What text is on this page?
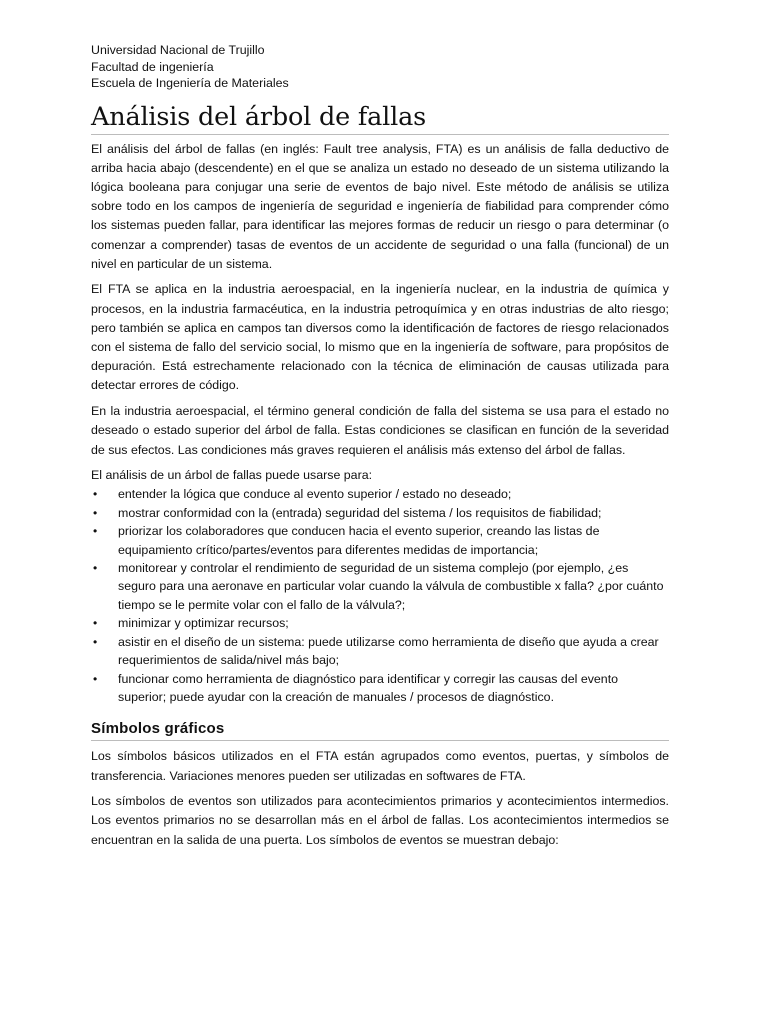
Universidad Nacional de Trujillo

Facultad de ingeniería

Escuela de Ingeniería de Materiales

Análisis del árbol de fallas

El análisis del árbol de fallas (en inglés: Fault tree analysis, FTA) es un análisis de falla deductivo de arriba hacia abajo (descendente) en el que se analiza un estado no deseado de un sistema utilizando la lógica booleana para conjugar una serie de eventos de bajo nivel. Este método de análisis se utiliza sobre todo en los campos de ingeniería de seguridad e ingeniería de fiabilidad para comprender cómo los sistemas pueden fallar, para identificar las mejores formas de reducir un riesgo o para determinar (o comenzar a comprender) tasas de eventos de un accidente de seguridad o una falla (funcional) de un nivel en particular de un sistema.

El FTA se aplica en la industria aeroespacial, en la ingeniería nuclear, en la industria de química y procesos, en la industria farmacéutica, en la industria petroquímica y en otras industrias de alto riesgo; pero también se aplica en campos tan diversos como la identificación de factores de riesgo relacionados con el sistema de fallo del servicio social, lo mismo que en la ingeniería de software, para propósitos de depuración. Está estrechamente relacionado con la técnica de eliminación de causas utilizada para detectar errores de código.

En la industria aeroespacial, el término general condición de falla del sistema se usa para el estado no deseado o estado superior del árbol de falla. Estas condiciones se clasifican en función de la severidad de sus efectos. Las condiciones más graves requieren el análisis más extenso del árbol de fallas.

El análisis de un árbol de fallas puede usarse para:

• entender la lógica que conduce al evento superior / estado no deseado;
• mostrar conformidad con la (entrada) seguridad del sistema / los requisitos de fiabilidad;
• priorizar los colaboradores que conducen hacia el evento superior, creando las listas de equipamiento crítico/partes/eventos para diferentes medidas de importancia;
• monitorear y controlar el rendimiento de seguridad de un sistema complejo (por ejemplo, ¿es seguro para una aeronave en particular volar cuando la válvula de combustible x falla? ¿por cuánto tiempo se le permite volar con el fallo de la válvula?;
• minimizar y optimizar recursos;
• asistir en el diseño de un sistema: puede utilizarse como herramienta de diseño que ayuda a crear requerimientos de salida/nivel más bajo;
• funcionar como herramienta de diagnóstico para identificar y corregir las causas del evento superior; puede ayudar con la creación de manuales / procesos de diagnóstico.
Símbolos gráficos

Los símbolos básicos utilizados en el FTA están agrupados como eventos, puertas, y símbolos de transferencia. Variaciones menores pueden ser utilizadas en softwares de FTA.

Los símbolos de eventos son utilizados para acontecimientos primarios y acontecimientos intermedios. Los eventos primarios no se desarrollan más en el árbol de fallas. Los acontecimientos intermedios se encuentran en la salida de una puerta. Los símbolos de eventos se muestran debajo:
